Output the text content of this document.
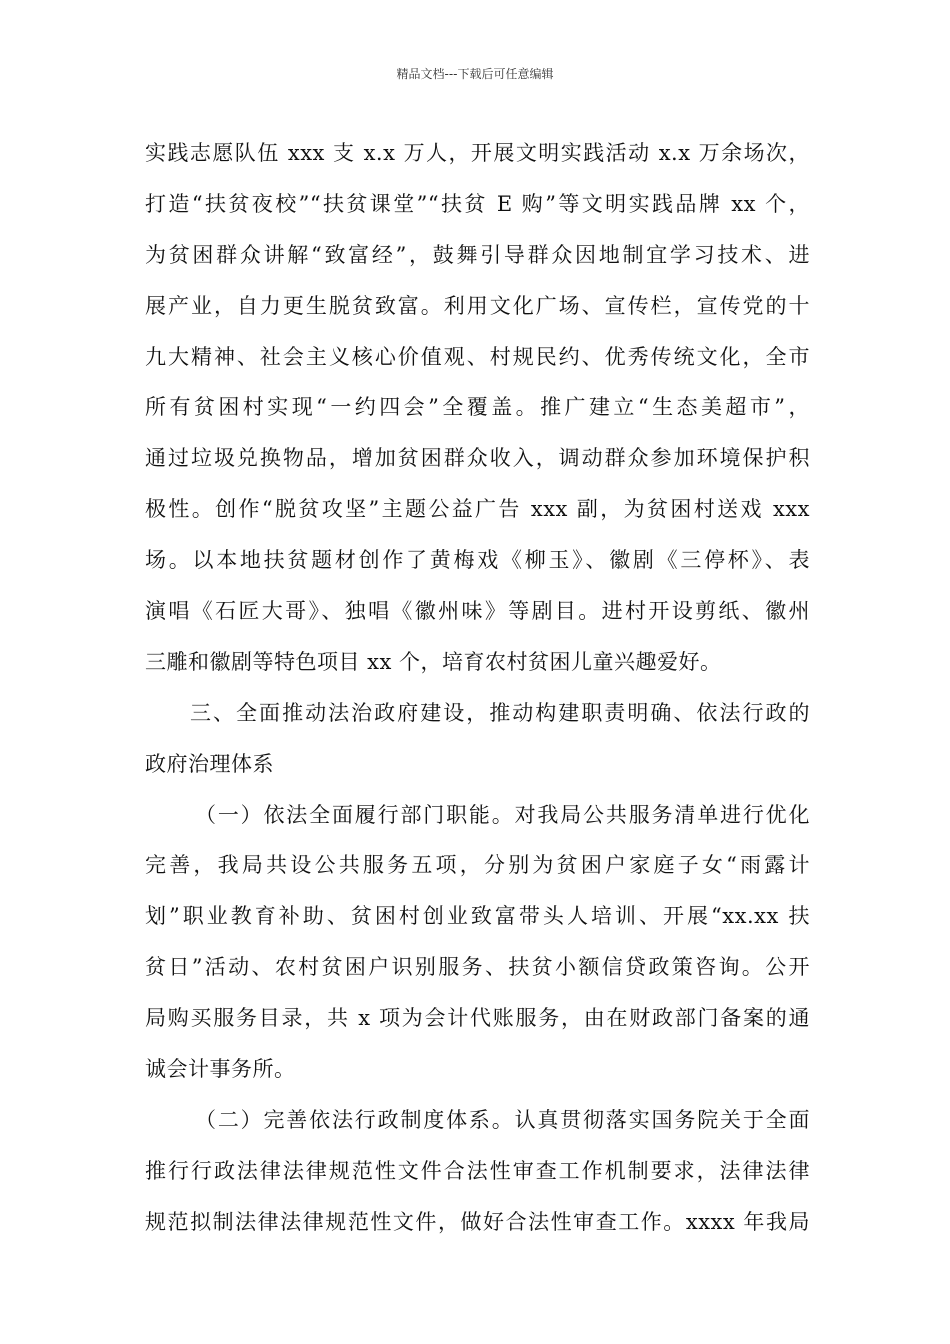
精品文档---下载后可任意编辑
实践志愿队伍 xxx 支 x.x 万人，开展文明实践活动 x.x 万余场次，
打造“扶贫夜校”“扶贫课堂”“扶贫 E 购”等文明实践品牌 xx 个，
为贫困群众讲解“致富经”，鼓舞引导群众因地制宜学习技术、进
展产业，自力更生脱贫致富。利用文化广场、宣传栏，宣传党的十
九大精神、社会主义核心价值观、村规民约、优秀传统文化，全市
所有贫困村实现“一约四会”全覆盖。推广建立“生态美超市”，
通过垃圾兑换物品，增加贫困群众收入，调动群众参加环境保护积
极性。创作“脱贫攻坚”主题公益广告 xxx 副，为贫困村送戏 xxx
场。以本地扶贫题材创作了黄梅戏《柳玉》、徽剧《三停杯》、表
演唱《石匠大哥》、独唱《徽州味》等剧目。进村开设剪纸、徽州
三雕和徽剧等特色项目 xx 个，培育农村贫困儿童兴趣爱好。
三、全面推动法治政府建设，推动构建职责明确、依法行政的
政府治理体系
（一）依法全面履行部门职能。对我局公共服务清单进行优化
完善，我局共设公共服务五项，分别为贫困户家庭子女“雨露计
划”职业教育补助、贫困村创业致富带头人培训、开展“xx.xx 扶
贫日”活动、农村贫困户识别服务、扶贫小额信贷政策咨询。公开
局购买服务目录，共 x 项为会计代账服务，由在财政部门备案的通
诚会计事务所。
（二）完善依法行政制度体系。认真贯彻落实国务院关于全面
推行行政法律法律规范性文件合法性审查工作机制要求，法律法律
规范拟制法律法律规范性文件，做好合法性审查工作。xxxx 年我局
